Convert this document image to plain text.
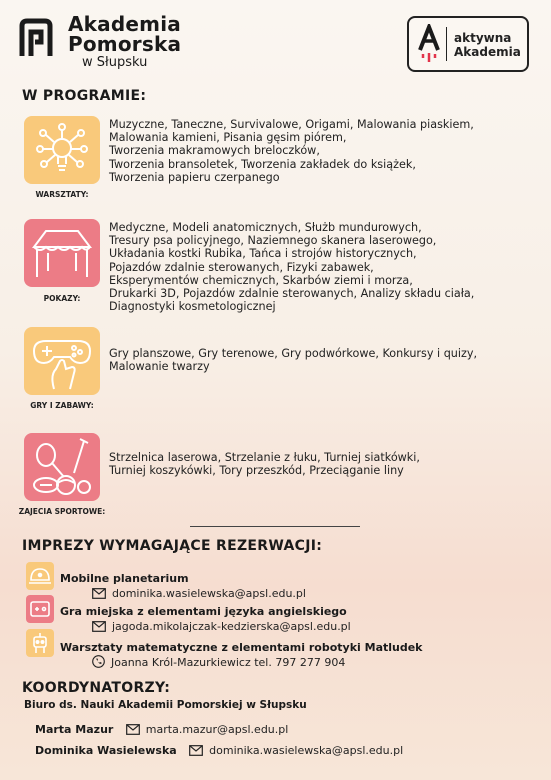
Akademia
Pomorska
w Słupsku
aktywna
Akademia
W PROGRAMIE:
WARSZTATY:
Muzyczne, Taneczne, Survivalowe, Origami, Malowania piaskiem,
Malowania kamieni, Pisania gęsim piórem,
Tworzenia makramowych breloczków,
Tworzenia bransoletek, Tworzenia zakładek do książek,
Tworzenia papieru czerpanego
POKAZY:
Medyczne, Modeli anatomicznych, Służb mundurowych,
Tresury psa policyjnego, Naziemnego skanera laserowego,
Układania kostki Rubika, Tańca i strojów historycznych,
Pojazdów zdalnie sterowanych, Fizyki zabawek,
Eksperymentów chemicznych, Skarbów ziemi i morza,
Drukarki 3D, Pojazdów zdalnie sterowanych, Analizy składu ciała,
Diagnostyki kosmetologicznej
GRY I ZABAWY:
Gry planszowe, Gry terenowe, Gry podwórkowe, Konkursy i quizy,
Malowanie twarzy
ZAJECIA SPORTOWE:
Strzelnica laserowa, Strzelanie z łuku, Turniej siatkówki,
Turniej koszykówki, Tory przeszkód, Przeciąganie liny
IMPREZY WYMAGAJĄCE REZERWACJI:
Mobilne planetarium
dominika.wasielewska@apsl.edu.pl
Gra miejska z elementami języka angielskiego
jagoda.mikolajczak-kedzierska@apsl.edu.pl
Warsztaty matematyczne z elementami robotyki Matludek
Joanna Król-Mazurkiewicz tel. 797 277 904
KOORDYNATORZY:
Biuro ds. Nauki Akademii Pomorskiej w Słupsku
Marta Mazur	marta.mazur@apsl.edu.pl
Dominika Wasielewska	dominika.wasielewska@apsl.edu.pl
